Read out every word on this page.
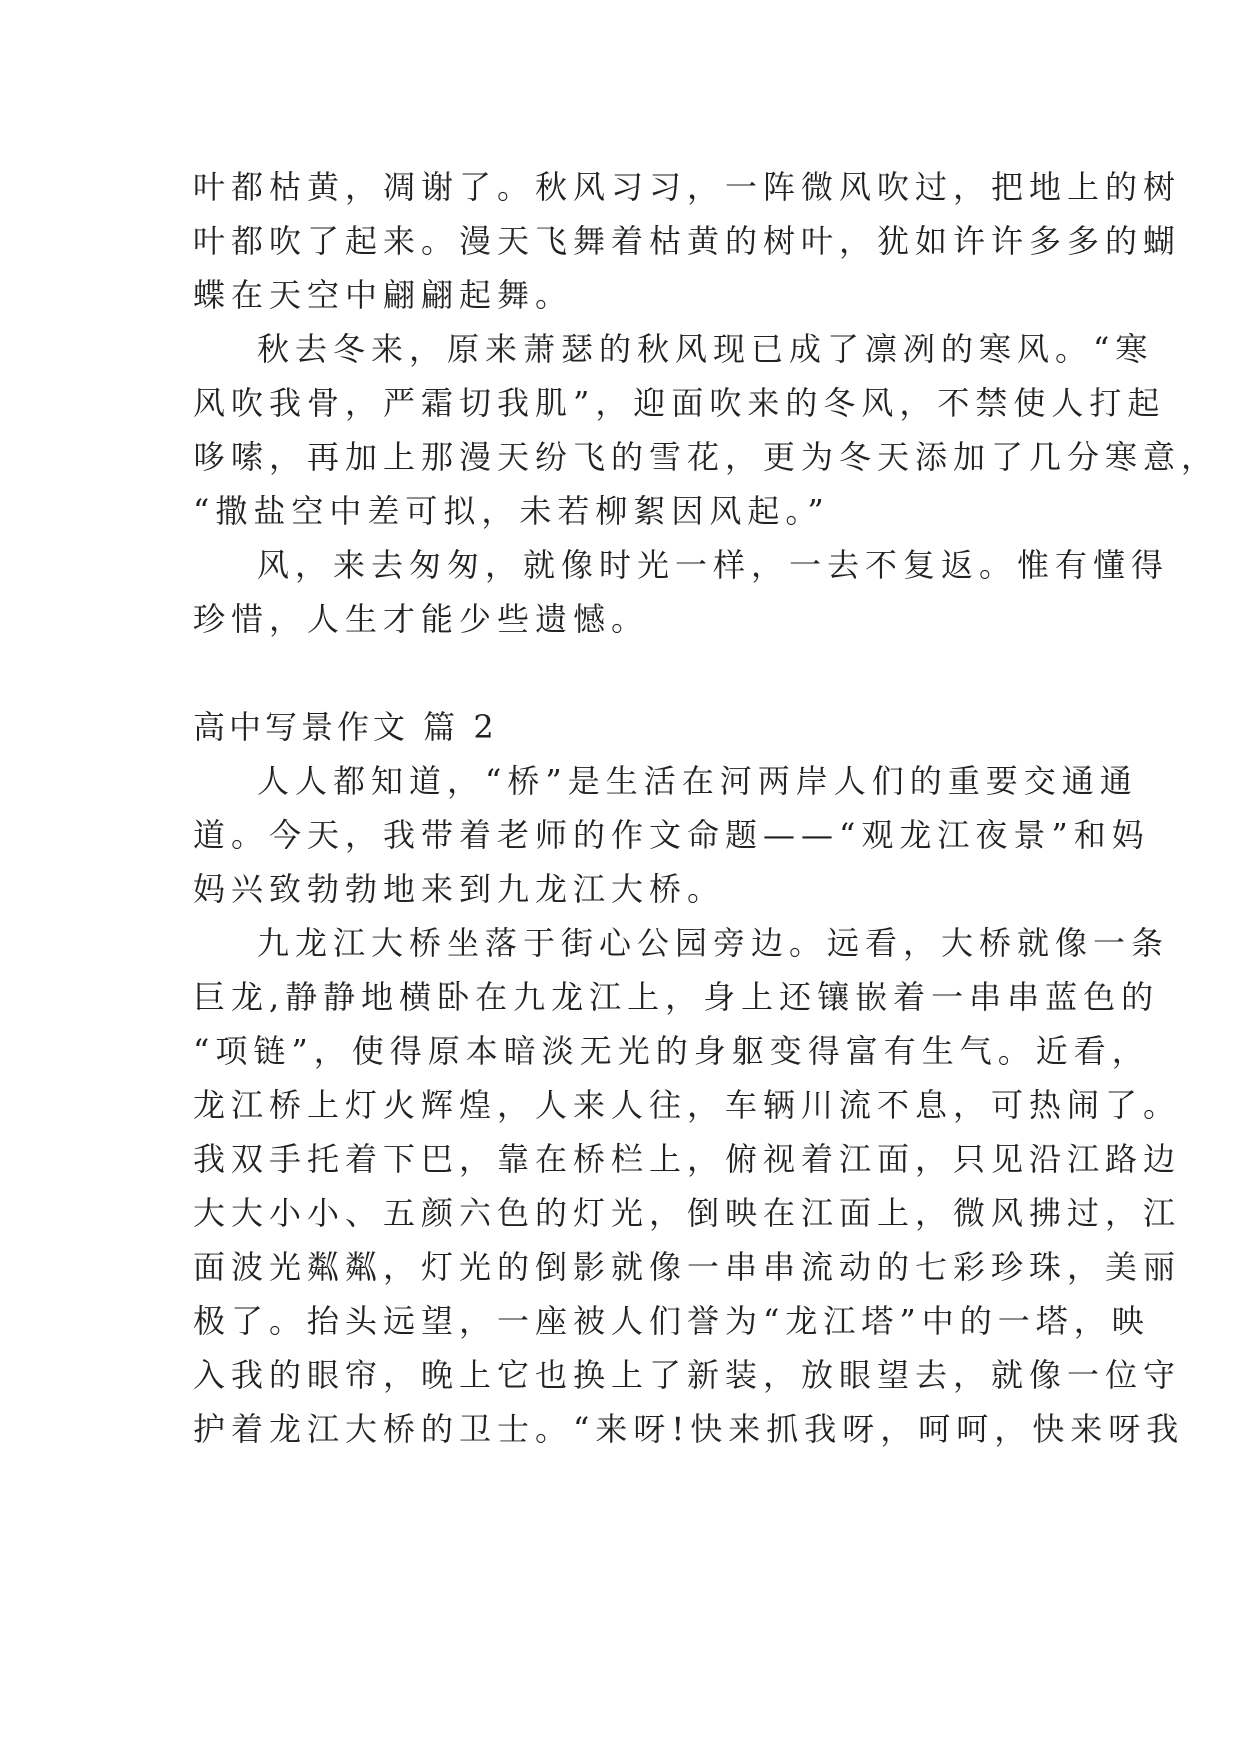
叶都枯黄，凋谢了。秋风习习，一阵微风吹过，把地上的树
叶都吹了起来。漫天飞舞着枯黄的树叶，犹如许许多多的蝴
蝶在天空中翩翩起舞。
秋去冬来，原来萧瑟的秋风现已成了凛冽的寒风。“寒
风吹我骨，严霜切我肌”，迎面吹来的冬风，不禁使人打起
哆嗦，再加上那漫天纷飞的雪花，更为冬天添加了几分寒意，
“撒盐空中差可拟，未若柳絮因风起。”
风，来去匆匆，就像时光一样，一去不复返。惟有懂得
珍惜，人生才能少些遗憾。
高中写景作文 篇 2
人人都知道，“桥”是生活在河两岸人们的重要交通通
道。今天，我带着老师的作文命题——“观龙江夜景”和妈
妈兴致勃勃地来到九龙江大桥。
九龙江大桥坐落于街心公园旁边。远看，大桥就像一条
巨龙,静静地横卧在九龙江上，身上还镶嵌着一串串蓝色的
“项链”，使得原本暗淡无光的身躯变得富有生气。近看，
龙江桥上灯火辉煌，人来人往，车辆川流不息，可热闹了。
我双手托着下巴，靠在桥栏上，俯视着江面，只见沿江路边
大大小小、五颜六色的灯光，倒映在江面上，微风拂过，江
面波光粼粼，灯光的倒影就像一串串流动的七彩珍珠，美丽
极了。抬头远望，一座被人们誉为“龙江塔”中的一塔，映
入我的眼帘，晚上它也换上了新装，放眼望去，就像一位守
护着龙江大桥的卫士。“来呀!快来抓我呀，呵呵，快来呀我
